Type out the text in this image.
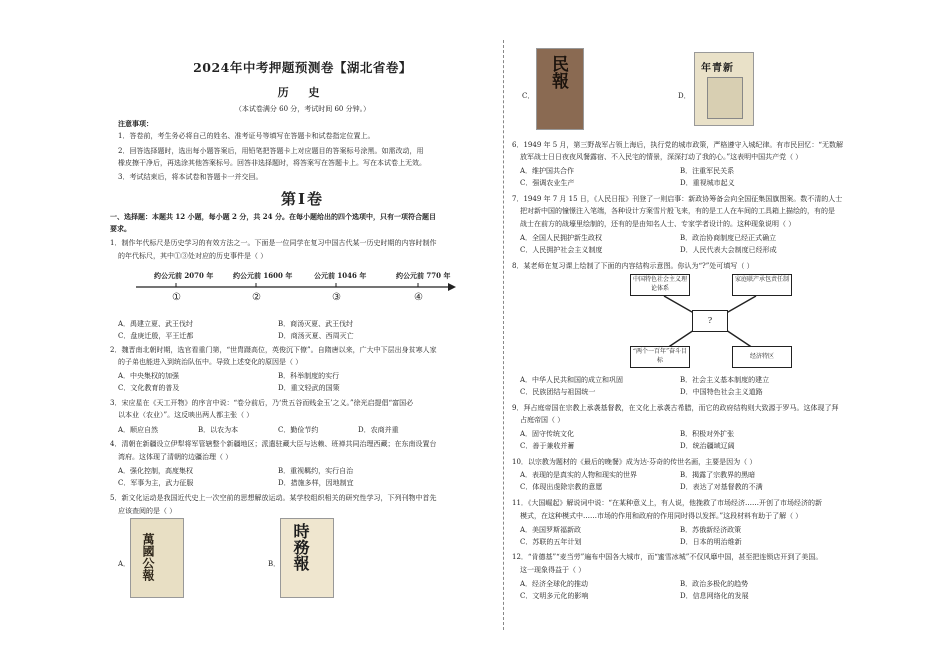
2024年中考押题预测卷【湖北省卷】
历 史
（本试卷满分 60 分，考试时间 60 分钟。）
注意事项：
1．答卷前，考生务必将自己的姓名、准考证号等填写在答题卡和试卷指定位置上。
2．回答选择题时，选出每小题答案后，用铅笔把答题卡上对应题目的答案标号涂黑。如需改动，用
橡皮擦干净后，再选涂其他答案标号。回答非选择题时，将答案写在答题卡上。写在本试卷上无效。
3．考试结束后，将本试卷和答题卡一并交回。
第Ⅰ卷
一、选择题：本题共 12 小题，每小题 2 分，共 24 分。在每小题给出的四个选项中，只有一项符合题目
要求。
1．制作年代标尺是历史学习的有效方法之一。下面是一位同学在复习中国古代某一历史时期的内容时制作
的年代标尺，其中①③处对应的历史事件是（ ）
约公元前 2070 年	约公元前 1600 年	公元前 1046 年	约公元前 770 年
①	②	③	④
A．禹建立夏、武王伐纣	B．商汤灭夏、武王伐纣
C．盘庚迁殷，平王迁都	D．商汤灭夏、西周灭亡
2．魏晋南北朝时期，选官看重门第，“世胄蹑高位，英俊沉下僚”。自隋唐以来，广大中下层出身贫寒人家
的子弟也能进入到统治队伍中。导致上述变化的原因是（ ）
A．中央集权的加强	B．科举制度的实行
C．文化教育的普及	D．重文轻武的国策
3．宋应星在《天工开物》的序言中说：“卷分前后，乃‘贵五谷而贱金玉’之义。”徐光启提倡“富国必
以本业（农业）”。这反映出两人都主张（ ）
A．顺应自然	B．以农为本	C．勤俭节约	D．农商并重
4．清朝在新疆设立伊犁将军管辖整个新疆地区；派遣驻藏大臣与达赖、班禅共同治理西藏；在东南设置台
湾府。这体现了清朝的边疆治理（ ）
A．强化控制，高度集权	B．重视羁约，实行自治
C．军事为主，武力征服	D．措施多样，因地制宜
5．新文化运动是我国近代史上一次空前的思想解放运动。某学校组织相关的研究性学习，下列刊物中首先
应该查阅的是（ ）
A． 萬國公報	B． 時務報
C．
民報
D．
年青新
6．1949 年 5 月，第三野战军占领上海后，执行党的城市政策，严格遵守入城纪律。有市民回忆：“无数解
放军战士日日夜夜风餐露宿、不入民宅的情景，深深打动了我的心。”这表明中国共产党（ ）
A．维护国共合作	B．注重军民关系
C．强调农业生产	D．重视城市起义
7．1949 年 7 月 15 日，《人民日报》刊登了一则启事：新政协筹备会向全国征集国旗图案。数不清的人士
把对新中国的憧憬注入笔端，各种设计方案雪片般飞来，有的是工人在车间的工具箱上描绘的，有的是
战士在前方的战壕里绘制的，还有的是由知名人士、专家学者设计的。这种现象说明（ ）
A．全国人民拥护新生政权	B．政治协商制度已经正式确立
C．人民拥护社会主义制度	D．人民代表大会制度已经形成
8．某老师在复习课上绘制了下面的内容结构示意图。你认为“?”处可填写（ ）
中国特色社会主义理论体系
家庭联产承包责任制
?
“两个一百年”奋斗目标
经济特区
A．中华人民共和国的成立和巩固	B．社会主义基本制度的建立
C．民族团结与祖国统一	D．中国特色社会主义道路
9．拜占庭帝国在宗教上承袭基督教，在文化上承袭古希腊，而它的政府结构则大致源于罗马。这体现了拜
占庭帝国（ ）
A．固守传统文化	B．积极对外扩张
C．善于兼收并蓄	D．统治疆域辽阔
10．以宗教为题材的《最后的晚餐》成为达·芬奇的传世名画，主要是因为（ ）
A．表现的是真实的人物和现实的世界	B．揭露了宗教界的黑暗
C．体现出虔除宗教的意愿	D．表达了对基督教的不满
11．《大国崛起》解说词中说：“在某种意义上，有人说，他挽救了市场经济……开创了市场经济的新
模式，在这种模式中……市场的作用和政府的作用同时得以发挥。”这段材料有助于了解（ ）
A．美国罗斯福新政	B．苏俄新经济政策
C．苏联的五年计划	D．日本的明治维新
12．“肯德基”“麦当劳”遍布中国各大城市，而“蜜雪冰城”不仅风靡中国，甚至把连锁店开到了美国。
这一现象得益于（ ）
A．经济全球化的推动	B．政治多极化的趋势
C．文明多元化的影响	D．信息网络化的发展
